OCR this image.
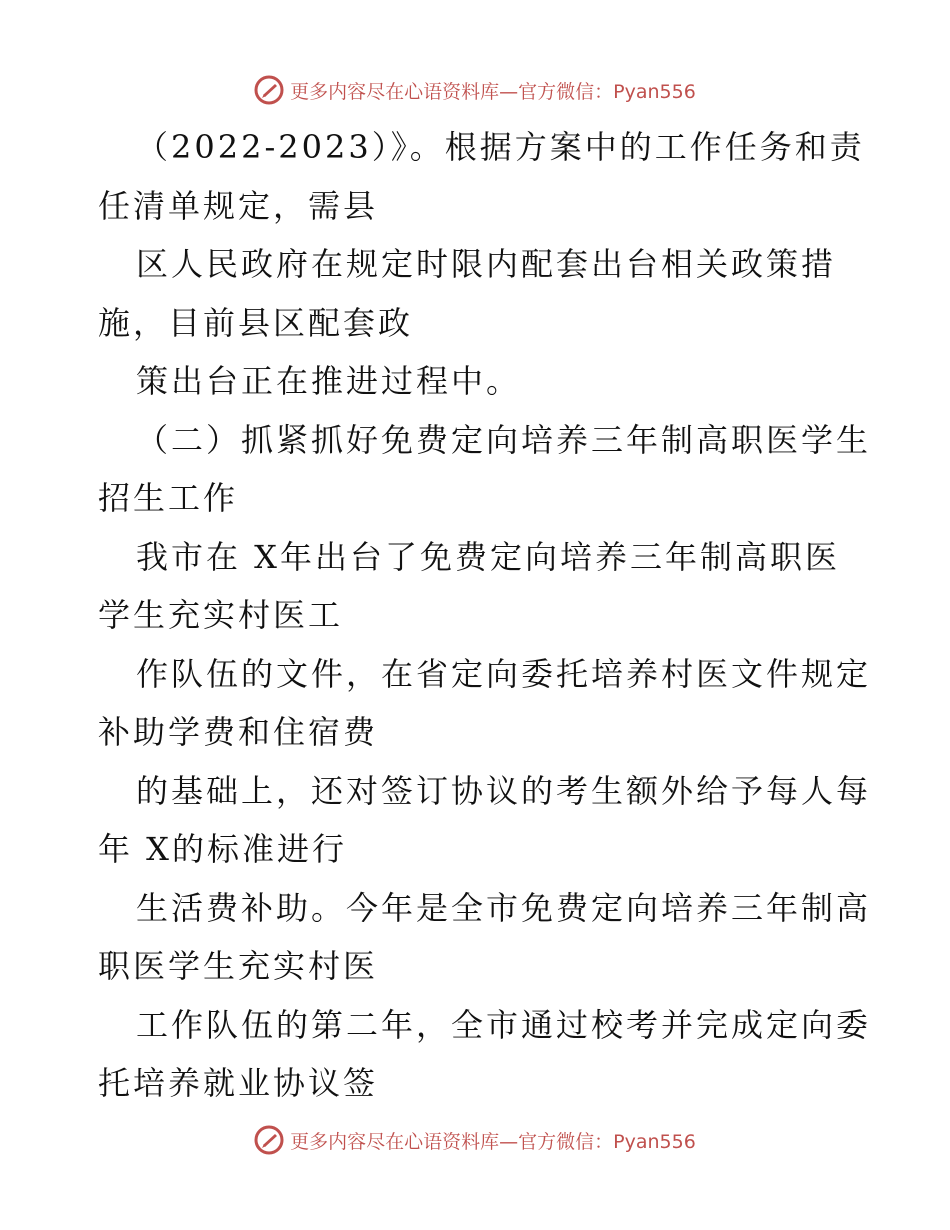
更多内容尽在心语资料库—官方微信：Pyan556
（2022-2023）》。根据方案中的工作任务和责
任清单规定，需县
区人民政府在规定时限内配套出台相关政策措
施，目前县区配套政
策出台正在推进过程中。
（二）抓紧抓好免费定向培养三年制高职医学生
招生工作
我市在 X年出台了免费定向培养三年制高职医
学生充实村医工
作队伍的文件，在省定向委托培养村医文件规定
补助学费和住宿费
的基础上，还对签订协议的考生额外给予每人每
年 X的标准进行
生活费补助。今年是全市免费定向培养三年制高
职医学生充实村医
工作队伍的第二年，全市通过校考并完成定向委
托培养就业协议签
更多内容尽在心语资料库—官方微信：Pyan556
